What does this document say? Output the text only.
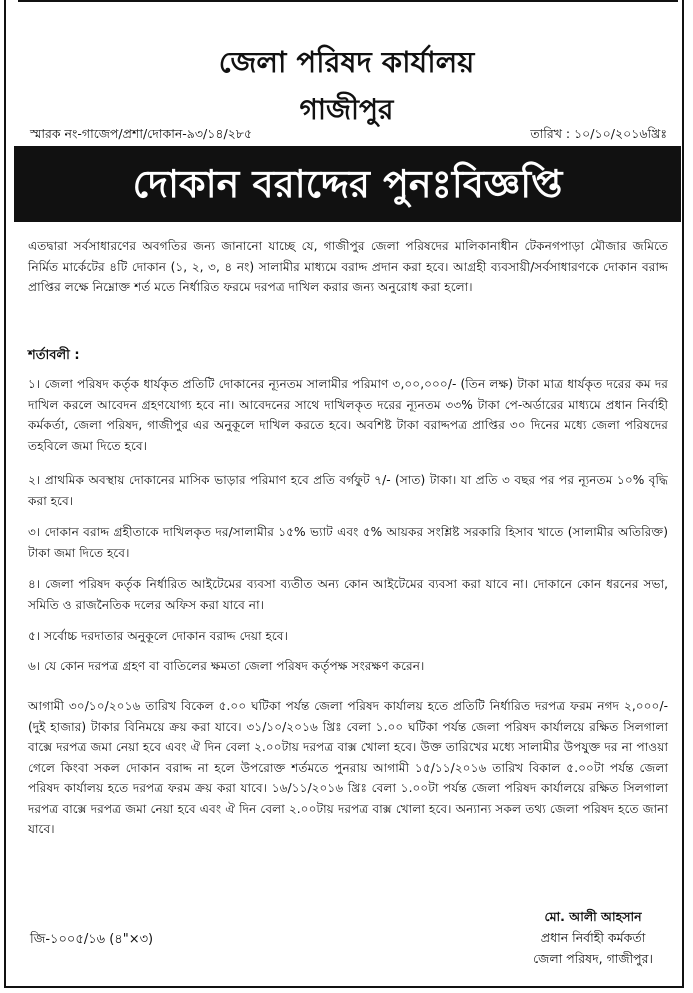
জেলা পরিষদ কার্যালয়
গাজীপুর
স্মারক নং-গাজেপ/প্রশা/দোকান-৯৩/১৪/২৮৫	তারিখ : ১০/১০/২০১৬খ্রিঃ
দোকান বরাদ্দের পুনঃবিজ্ঞপ্তি
এতদ্বারা সর্বসাধারণের অবগতির জন্য জানানো যাচ্ছে যে, গাজীপুর জেলা পরিষদের মালিকানাধীন টেকনগপাড়া মৌজার জমিতে নির্মিত মার্কেটের ৪টি দোকান (১, ২, ৩, ৪ নং) সালামীর মাধ্যমে বরাদ্দ প্রদান করা হবে। আগ্রহী ব্যবসায়ী/সর্বসাধারণকে দোকান বরাদ্দ প্রাপ্তির লক্ষে নিম্নোক্ত শর্ত মতে নির্ধারিত ফরমে দরপত্র দাখিল করার জন্য অনুরোধ করা হলো।
শর্তাবলী :
১। জেলা পরিষদ কর্তৃক ধার্যকৃত প্রতিটি দোকানের ন্যূনতম সালামীর পরিমাণ ৩,০০,০০০/- (তিন লক্ষ) টাকা মাত্র ধার্যকৃত দরের কম দর দাখিল করলে আবেদন গ্রহণযোগ্য হবে না। আবেদনের সাথে দাখিলকৃত দরের ন্যূনতম ৩৩% টাকা পে-অর্ডারের মাধ্যমে প্রধান নির্বাহী কর্মকর্তা, জেলা পরিষদ, গাজীপুর এর অনুকূলে দাখিল করতে হবে। অবশিষ্ট টাকা বরাদ্দপত্র প্রাপ্তির ৩০ দিনের মধ্যে জেলা পরিষদের তহবিলে জমা দিতে হবে।
২। প্রাথমিক অবস্থায় দোকানের মাসিক ভাড়ার পরিমাণ হবে প্রতি বর্গফুট ৭/- (সাত) টাকা। যা প্রতি ৩ বছর পর পর ন্যূনতম ১০% বৃদ্ধি করা হবে।
৩। দোকান বরাদ্দ গ্রহীতাকে দাখিলকৃত দর/সালামীর ১৫% ভ্যাট এবং ৫% আয়কর সংশ্লিষ্ট সরকারি হিসাব খাতে (সালামীর অতিরিক্ত) টাকা জমা দিতে হবে।
৪। জেলা পরিষদ কর্তৃক নির্ধারিত আইটেমের ব্যবসা ব্যতীত অন্য কোন আইটেমের ব্যবসা করা যাবে না। দোকানে কোন ধরনের সভা, সমিতি ও রাজনৈতিক দলের অফিস করা যাবে না।
৫। সর্বোচ্চ দরদাতার অনুকূলে দোকান বরাদ্দ দেয়া হবে।
৬। যে কোন দরপত্র গ্রহণ বা বাতিলের ক্ষমতা জেলা পরিষদ কর্তৃপক্ষ সংরক্ষণ করেন।
আগামী ৩০/১০/২০১৬ তারিখ বিকেল ৫.০০ ঘটিকা পর্যন্ত জেলা পরিষদ কার্যালয় হতে প্রতিটি নির্ধারিত দরপত্র ফরম নগদ ২,০০০/- (দুই হাজার) টাকার বিনিময়ে ক্রয় করা যাবে। ৩১/১০/২০১৬ খ্রিঃ বেলা ১.০০ ঘটিকা পর্যন্ত জেলা পরিষদ কার্যালয়ে রক্ষিত সিলগালা বাক্সে দরপত্র জমা নেয়া হবে এবং ঐ দিন বেলা ২.০০টায় দরপত্র বাক্স খোলা হবে। উক্ত তারিখের মধ্যে সালামীর উপযুক্ত দর না পাওয়া গেলে কিংবা সকল দোকান বরাদ্দ না হলে উপরোক্ত শর্তমতে পুনরায় আগামী ১৫/১১/২০১৬ তারিখ বিকাল ৫.০০টা পর্যন্ত জেলা পরিষদ কার্যালয় হতে দরপত্র ফরম ক্রয় করা যাবে। ১৬/১১/২০১৬ খ্রিঃ বেলা ১.০০টা পর্যন্ত জেলা পরিষদ কার্যালয়ে রক্ষিত সিলগালা দরপত্র বাক্সে দরপত্র জমা নেয়া হবে এবং ঐ দিন বেলা ২.০০টায় দরপত্র বাক্স খোলা হবে। অন্যান্য সকল তথ্য জেলা পরিষদ হতে জানা যাবে।
জি-১০০৫/১৬ (৪"×৩)
মো. আলী আহসান
প্রধান নির্বাহী কর্মকর্তা
জেলা পরিষদ, গাজীপুর।
